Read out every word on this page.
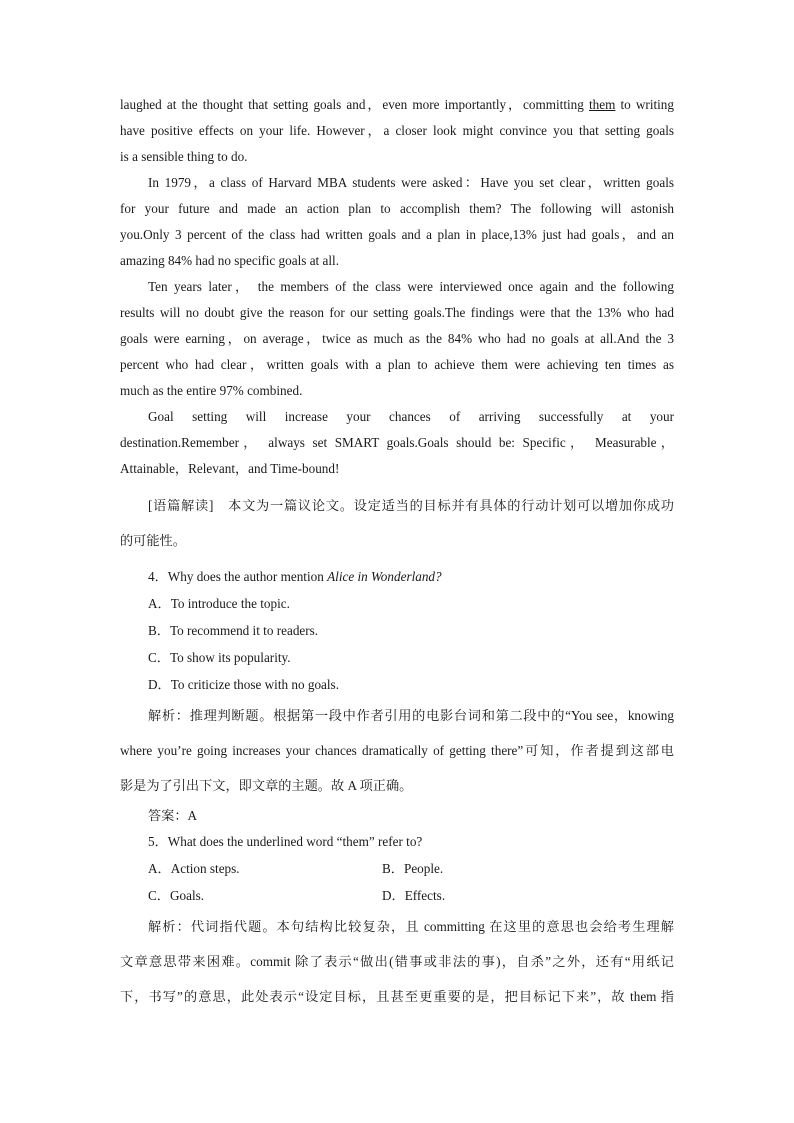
laughed at the thought that setting goals and，even more importantly，committing them to writing
have positive effects on your life. However，a closer look might convince you that setting goals
is a sensible thing to do.
In 1979，a class of Harvard MBA students were asked：Have you set clear，written goals
for your future and made an action plan to accomplish them? The following will astonish
you.Only 3 percent of the class had written goals and a plan in place,13% just had goals，and an
amazing 84% had no specific goals at all.
Ten years later， the members of the class were interviewed once again and the following
results will no doubt give the reason for our setting goals.The findings were that the 13% who had
goals were earning，on average，twice as much as the 84% who had no goals at all.And the 3
percent who had clear，written goals with a plan to achieve them were achieving ten times as
much as the entire 97% combined.
Goal setting will increase your chances of arriving successfully at your
destination.Remember， always set SMART goals.Goals should be: Specific， Measurable，
Attainable，Relevant，and Time-bound!
[语篇解读]　本文为一篇议论文。设定适当的目标并有具体的行动计划可以增加你成功
的可能性。
4．Why does the author mention Alice in Wonderland?
A．To introduce the topic.
B．To recommend it to readers.
C．To show its popularity.
D．To criticize those with no goals.
解析：推理判断题。根据第一段中作者引用的电影台词和第二段中的“You see，knowing
where you’re going increases your chances dramatically of getting there”可知，作者提到这部电
影是为了引出下文，即文章的主题。故 A 项正确。
答案：A
5．What does the underlined word “them” refer to?
A．Action steps.	B．People.
C．Goals.	D．Effects.
解析：代词指代题。本句结构比较复杂，且 committing 在这里的意思也会给考生理解
文章意思带来困难。commit 除了表示“做出(错事或非法的事)，自杀”之外，还有“用纸记
下，书写”的意思，此处表示“设定目标，且甚至更重要的是，把目标记下来”，故 them 指
